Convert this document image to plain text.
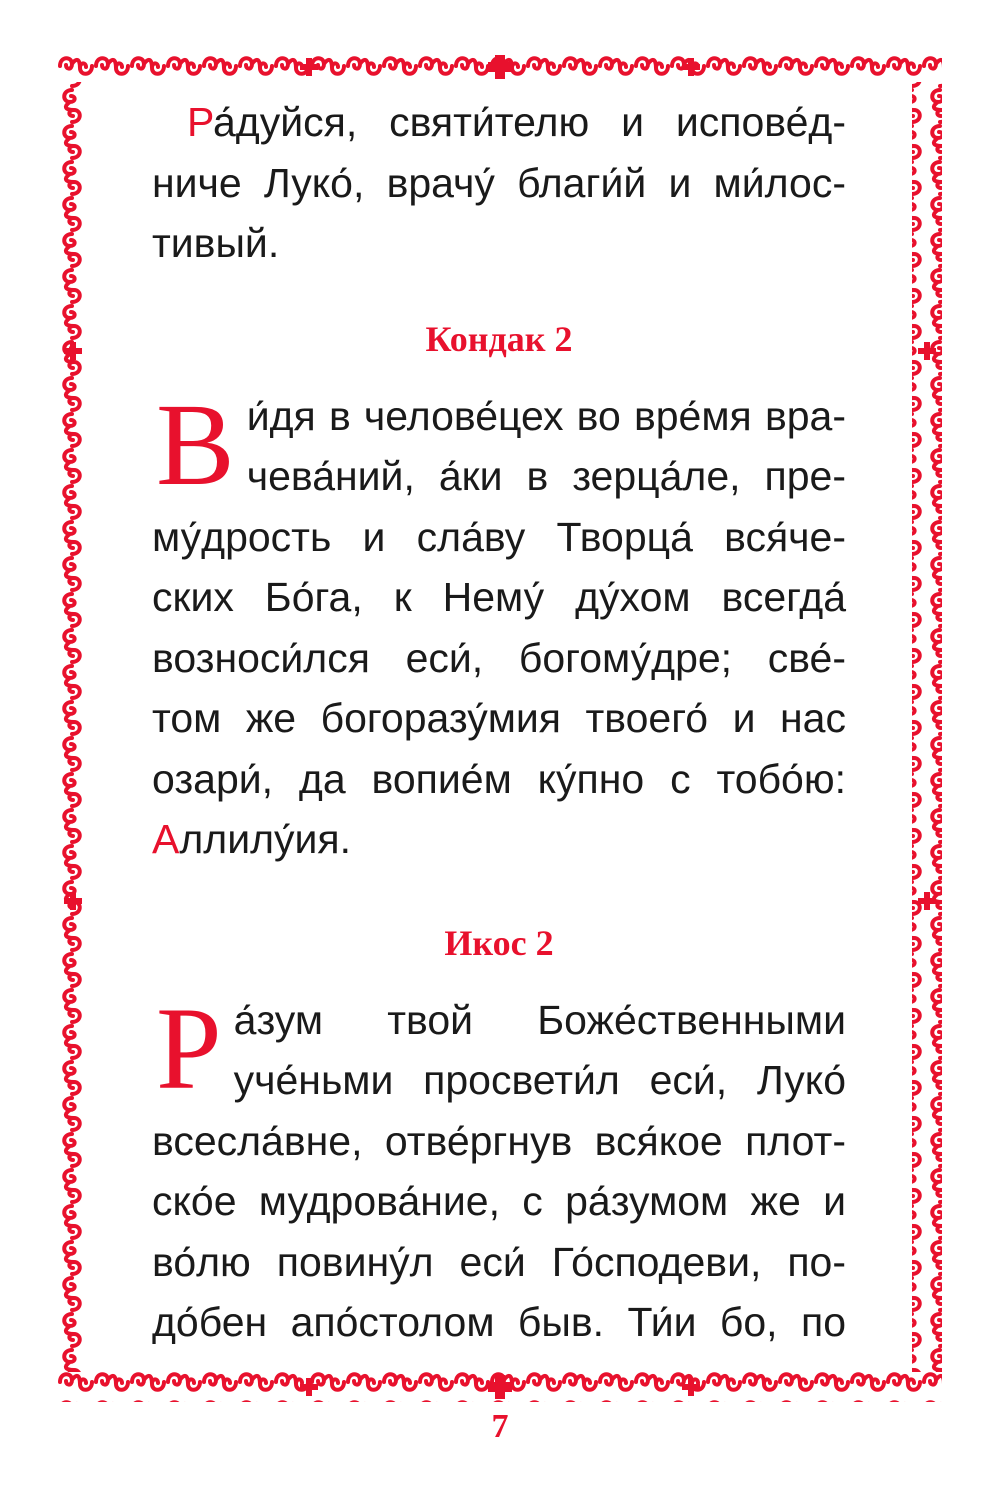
Ра́дуйся, святи́телю и испове́д-
ниче Луко́, врачу́ благи́й и ми́лос-
тивый.

Кондак 2
В и́дя в челове́цех во вре́мя вра-
чева́ний, а́ки в зерца́ле, пре-
му́дрость и сла́ву Творца́ вся́че-
ских Бо́га, к Нему́ ду́хом всегда́
возноси́лся еси́, богому́дре; све́-
том же богоразу́мия твоего́ и нас
озари́, да вопие́м ку́пно с тобо́ю:
Аллилу́ия.
Икос 2
Р а́зум твой Боже́ственными
уче́ньми просвети́л еси́, Луко́
всесла́вне, отве́ргнув вся́кое плот-
ско́е мудрова́ние, с ра́зумом же и
во́лю повину́л еси́ Го́сподеви, по-
до́бен апо́столом быв. Ти́и бо, по
7
